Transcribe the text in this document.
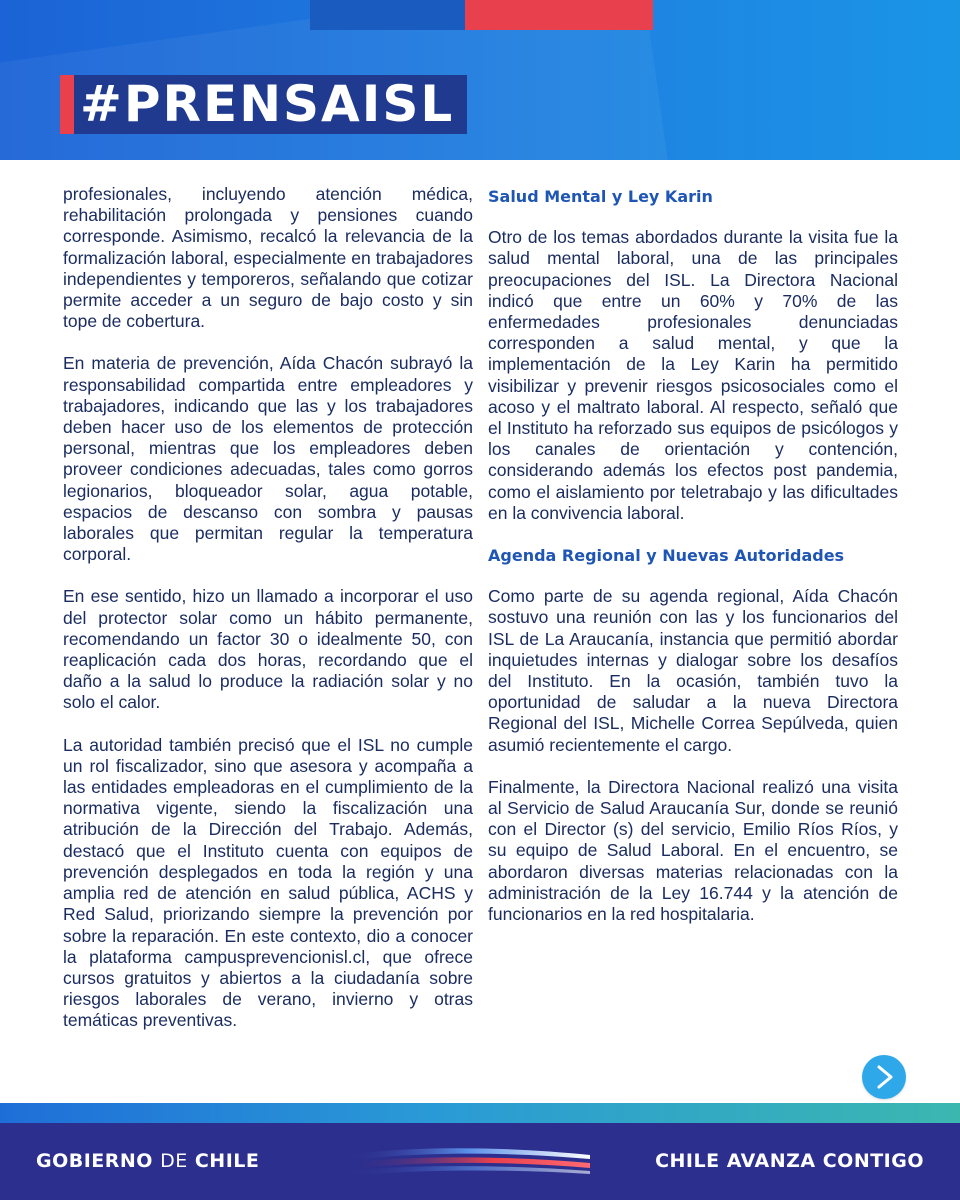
#PRENSAISL

profesionales, incluyendo atención médica, rehabilitación prolongada y pensiones cuando corresponde. Asimismo, recalcó la relevancia de la formalización laboral, especialmente en trabajadores independientes y temporeros, señalando que cotizar permite acceder a un seguro de bajo costo y sin tope de cobertura.

En materia de prevención, Aída Chacón subrayó la responsabilidad compartida entre empleadores y trabajadores, indicando que las y los trabajadores deben hacer uso de los elementos de protección personal, mientras que los empleadores deben proveer condiciones adecuadas, tales como gorros legionarios, bloqueador solar, agua potable, espacios de descanso con sombra y pausas laborales que permitan regular la temperatura corporal.

En ese sentido, hizo un llamado a incorporar el uso del protector solar como un hábito permanente, recomendando un factor 30 o idealmente 50, con reaplicación cada dos horas, recordando que el daño a la salud lo produce la radiación solar y no solo el calor.

La autoridad también precisó que el ISL no cumple un rol fiscalizador, sino que asesora y acompaña a las entidades empleadoras en el cumplimiento de la normativa vigente, siendo la fiscalización una atribución de la Dirección del Trabajo. Además, destacó que el Instituto cuenta con equipos de prevención desplegados en toda la región y una amplia red de atención en salud pública, ACHS y Red Salud, priorizando siempre la prevención por sobre la reparación. En este contexto, dio a conocer la plataforma campusprevencionisl.cl, que ofrece cursos gratuitos y abiertos a la ciudadanía sobre riesgos laborales de verano, invierno y otras temáticas preventivas.

Salud Mental y Ley Karin

Otro de los temas abordados durante la visita fue la salud mental laboral, una de las principales preocupaciones del ISL. La Directora Nacional indicó que entre un 60% y 70% de las enfermedades profesionales denunciadas corresponden a salud mental, y que la implementación de la Ley Karin ha permitido visibilizar y prevenir riesgos psicosociales como el acoso y el maltrato laboral. Al respecto, señaló que el Instituto ha reforzado sus equipos de psicólogos y los canales de orientación y contención, considerando además los efectos post pandemia, como el aislamiento por teletrabajo y las dificultades en la convivencia laboral.

Agenda Regional y Nuevas Autoridades

Como parte de su agenda regional, Aída Chacón sostuvo una reunión con las y los funcionarios del ISL de La Araucanía, instancia que permitió abordar inquietudes internas y dialogar sobre los desafíos del Instituto. En la ocasión, también tuvo la oportunidad de saludar a la nueva Directora Regional del ISL, Michelle Correa Sepúlveda, quien asumió recientemente el cargo.

Finalmente, la Directora Nacional realizó una visita al Servicio de Salud Araucanía Sur, donde se reunió con el Director (s) del servicio, Emilio Ríos Ríos, y su equipo de Salud Laboral. En el encuentro, se abordaron diversas materias relacionadas con la administración de la Ley 16.744 y la atención de funcionarios en la red hospitalaria.

GOBIERNO DE CHILE	CHILE AVANZA CONTIGO
